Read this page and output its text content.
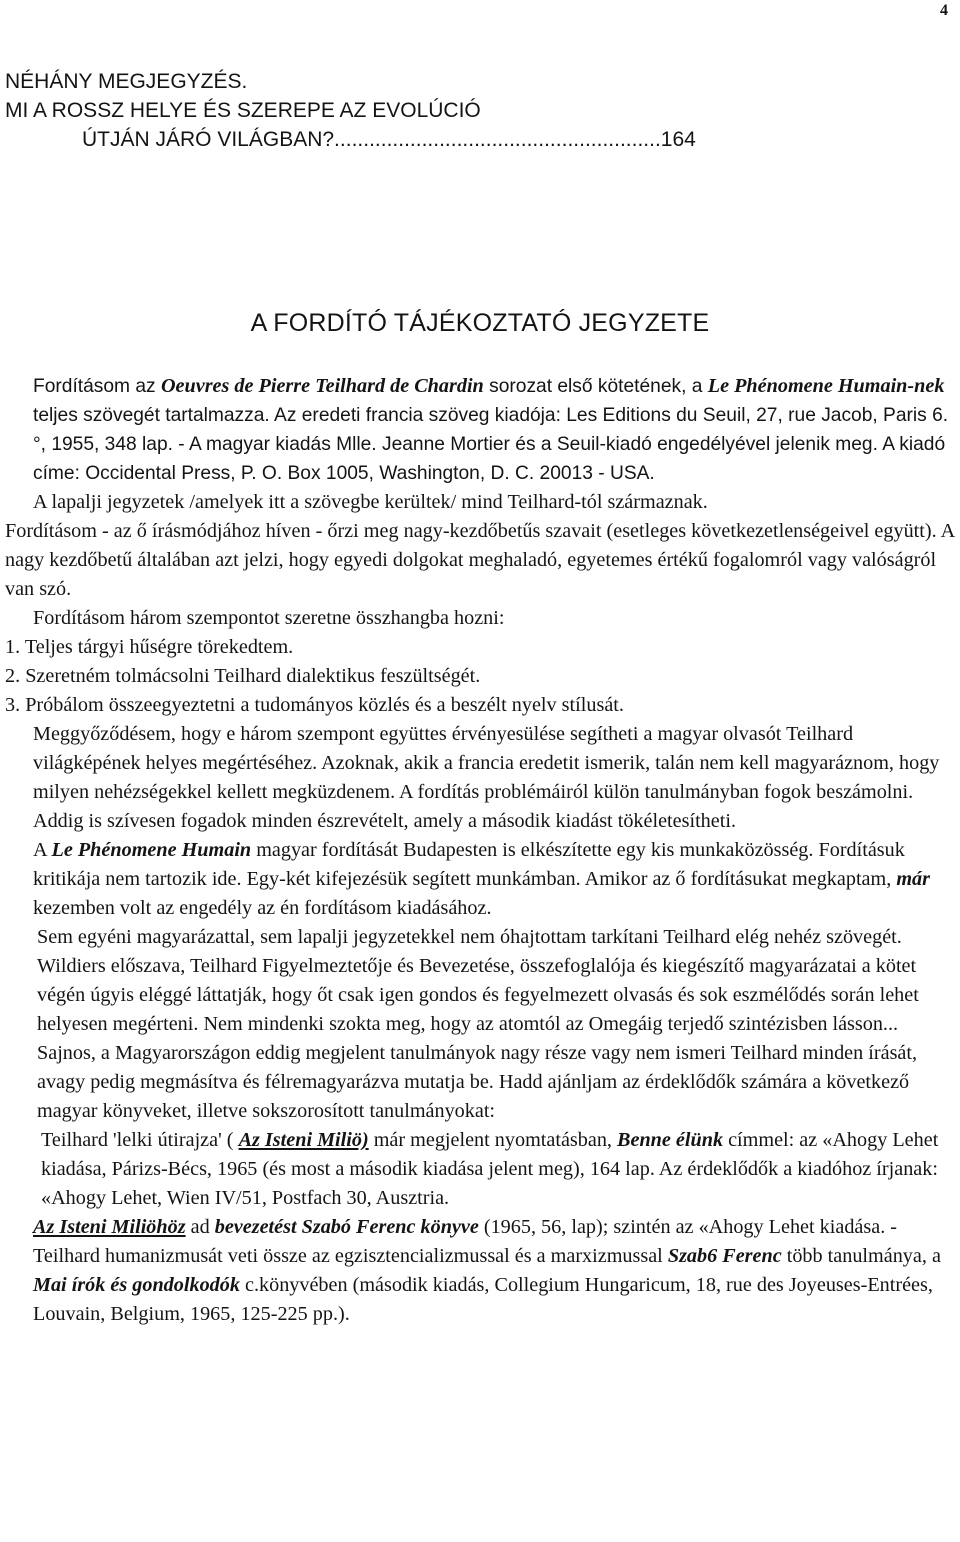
4
NÉHÁNY MEGJEGYZÉS.
MI A ROSSZ HELYE ÉS SZEREPE AZ EVOLÚCIÓ
ÚTJÁN JÁRÓ VILÁGBAN?........................................................164
A FORDÍTÓ TÁJÉKOZTATÓ JEGYZETE

Fordításom az Oeuvres de Pierre Teilhard de Chardin sorozat első kötetének, a Le Phénomene Humain-nek teljes szövegét tartalmazza. Az eredeti francia szöveg kiadója: Les Editions du Seuil, 27, rue Jacob, Paris 6.°, 1955, 348 lap. - A magyar kiadás Mlle. Jeanne Mortier és a Seuil-kiadó engedélyével jelenik meg. A kiadó címe: Occidental Press, P. O. Box 1005, Washington, D. C. 20013 - USA.

A lapalji jegyzetek /amelyek itt a szövegbe kerültek/ mind Teilhard-tól származnak.

Fordításom - az ő írásmódjához híven - őrzi meg nagy-kezdőbetűs szavait (esetleges következetlenségeivel együtt). A nagy kezdőbetű általában azt jelzi, hogy egyedi dolgokat meghaladó, egyetemes értékű fogalomról vagy valóságról van szó.

Fordításom három szempontot szeretne összhangba hozni:

1. Teljes tárgyi hűségre törekedtem.

2. Szeretném tolmácsolni Teilhard dialektikus feszültségét.

3. Próbálom összeegyeztetni a tudományos közlés és a beszélt nyelv stílusát.

Meggyőződésem, hogy e három szempont együttes érvényesülése segítheti a magyar olvasót Teilhard világképének helyes megértéséhez. Azoknak, akik a francia eredetit ismerik, talán nem kell magyaráznom, hogy milyen nehézségekkel kellett megküzdenem. A fordítás problémáiról külön tanulmányban fogok beszámolni. Addig is szívesen fogadok minden észrevételt, amely a második kiadást tökéletesítheti.

A Le Phénomene Humain magyar fordítását Budapesten is elkészítette egy kis munkaközösség. Fordításuk kritikája nem tartozik ide. Egy-két kifejezésük segített munkámban. Amikor az ő fordításukat megkaptam, már kezemben volt az engedély az én fordításom kiadásához.

Sem egyéni magyarázattal, sem lapalji jegyzetekkel nem óhajtottam tarkítani Teilhard elég nehéz szövegét. Wildiers előszava, Teilhard Figyelmeztetője és Bevezetése, összefoglalója és kiegészítő magyarázatai a kötet végén úgyis eléggé láttatják, hogy őt csak igen gondos és fegyelmezett olvasás és sok eszmélődés során lehet helyesen megérteni. Nem mindenki szokta meg, hogy az atomtól az Omegáig terjedő szintézisben lásson...

Sajnos, a Magyarországon eddig megjelent tanulmányok nagy része vagy nem ismeri Teilhard minden írását, avagy pedig megmásítva és félremagyarázva mutatja be. Hadd ajánljam az érdeklődők számára a következő magyar könyveket, illetve sokszorosított tanulmányokat:

Teilhard 'lelki útirajza' ( Az Isteni Miliö) már megjelent nyomtatásban, Benne élünk címmel: az «Ahogy Lehet kiadása, Párizs-Bécs, 1965 (és most a második kiadása jelent meg), 164 lap. Az érdeklődők a kiadóhoz írjanak: «Ahogy Lehet, Wien IV/51, Postfach 30, Ausztria.

Az Isteni Miliöhöz ad bevezetést Szabó Ferenc könyve (1965, 56, lap); szintén az «Ahogy Lehet kiadása. - Teilhard humanizmusát veti össze az egzisztencializmussal és a marxizmussal Szab6 Ferenc több tanulmánya, a Mai írók és gondolkodók c.könyvében (második kiadás, Collegium Hungaricum, 18, rue des Joyeuses-Entrées, Louvain, Belgium, 1965, 125-225 pp.).
